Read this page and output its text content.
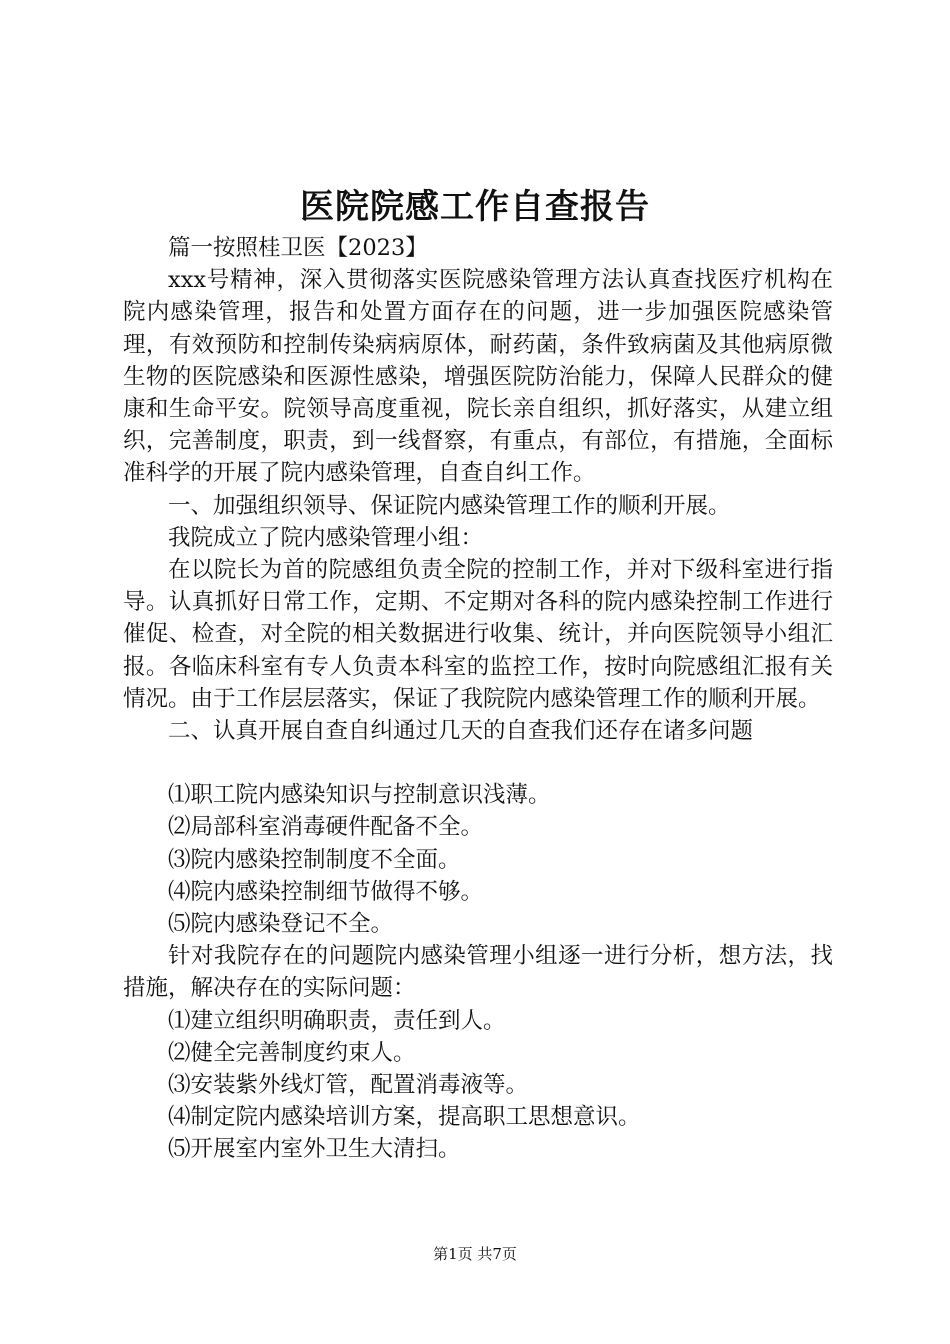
医院院感工作自查报告

篇一按照桂卫医【2023】

xxx号精神，深入贯彻落实医院感染管理方法认真查找医疗机构在院内感染管理，报告和处置方面存在的问题，进一步加强医院感染管理，有效预防和控制传染病病原体，耐药菌，条件致病菌及其他病原微生物的医院感染和医源性感染，增强医院防治能力，保障人民群众的健康和生命平安。院领导高度重视，院长亲自组织，抓好落实，从建立组织，完善制度，职责，到一线督察，有重点，有部位，有措施，全面标准科学的开展了院内感染管理，自查自纠工作。

一、加强组织领导、保证院内感染管理工作的顺利开展。

我院成立了院内感染管理小组：

在以院长为首的院感组负责全院的控制工作，并对下级科室进行指导。认真抓好日常工作，定期、不定期对各科的院内感染控制工作进行催促、检查，对全院的相关数据进行收集、统计，并向医院领导小组汇报。各临床科室有专人负责本科室的监控工作，按时向院感组汇报有关情况。由于工作层层落实，保证了我院院内感染管理工作的顺利开展。

二、认真开展自查自纠通过几天的自查我们还存在诸多问题

⑴职工院内感染知识与控制意识浅薄。

⑵局部科室消毒硬件配备不全。

⑶院内感染控制制度不全面。

⑷院内感染控制细节做得不够。

⑸院内感染登记不全。

针对我院存在的问题院内感染管理小组逐一进行分析，想方法，找措施，解决存在的实际问题：

⑴建立组织明确职责，责任到人。

⑵健全完善制度约束人。

⑶安装紫外线灯管，配置消毒液等。

⑷制定院内感染培训方案，提高职工思想意识。

⑸开展室内室外卫生大清扫。

第1页 共7页
